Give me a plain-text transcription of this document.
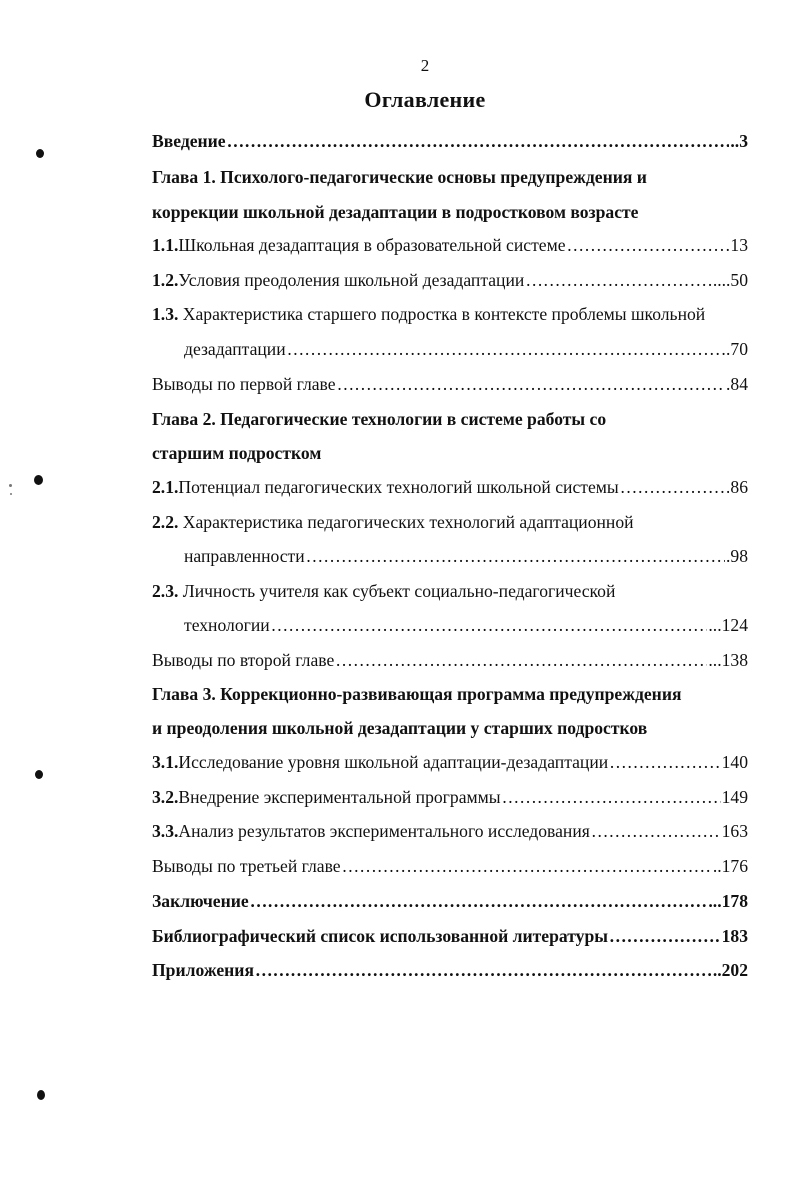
2
Оглавление
Введение ……………………………………………………………………………………………………………………………………………………………………………………	..3
Глава 1. Психолого-педагогические основы предупреждения и
коррекции школьной дезадаптации в подростковом возрасте
1.1. Школьная дезадаптация в образовательной системе ……………………………………………………………………………………………………………………………………………………………………………………	13
1.2. Условия преодоления школьной дезадаптации ……………………………………………………………………………………………………………………………………………………………………………………	....50
1.3. Характеристика старшего подростка в контексте проблемы школьной
дезадаптации ……………………………………………………………………………………………………………………………………………………………………………………	.70
Выводы по первой главе ……………………………………………………………………………………………………………………………………………………………………………………	.84
Глава 2. Педагогические технологии в системе работы со
старшим подростком
2.1. Потенциал педагогических технологий школьной системы ……………………………………………………………………………………………………………………………………………………………………………………	86
2.2. Характеристика педагогических технологий адаптационной
направленности ……………………………………………………………………………………………………………………………………………………………………………………	.98
2.3. Личность учителя как субъект социально-педагогической
технологии ……………………………………………………………………………………………………………………………………………………………………………………	...124
Выводы по второй главе ……………………………………………………………………………………………………………………………………………………………………………………	...138
Глава 3. Коррекционно-развивающая программа предупреждения
и преодоления школьной дезадаптации у старших подростков
3.1. Исследование уровня школьной адаптации-дезадаптации ……………………………………………………………………………………………………………………………………………………………………………………	140
3.2. Внедрение экспериментальной программы ……………………………………………………………………………………………………………………………………………………………………………………	149
3.3. Анализ результатов экспериментального исследования ……………………………………………………………………………………………………………………………………………………………………………………	163
Выводы по третьей главе ……………………………………………………………………………………………………………………………………………………………………………………	..176
Заключение ……………………………………………………………………………………………………………………………………………………………………………………	...178
Библиографический список использованной литературы ……………………………………………………………………………………………………………………………………………………………………………………	183
Приложения ……………………………………………………………………………………………………………………………………………………………………………………	..202
